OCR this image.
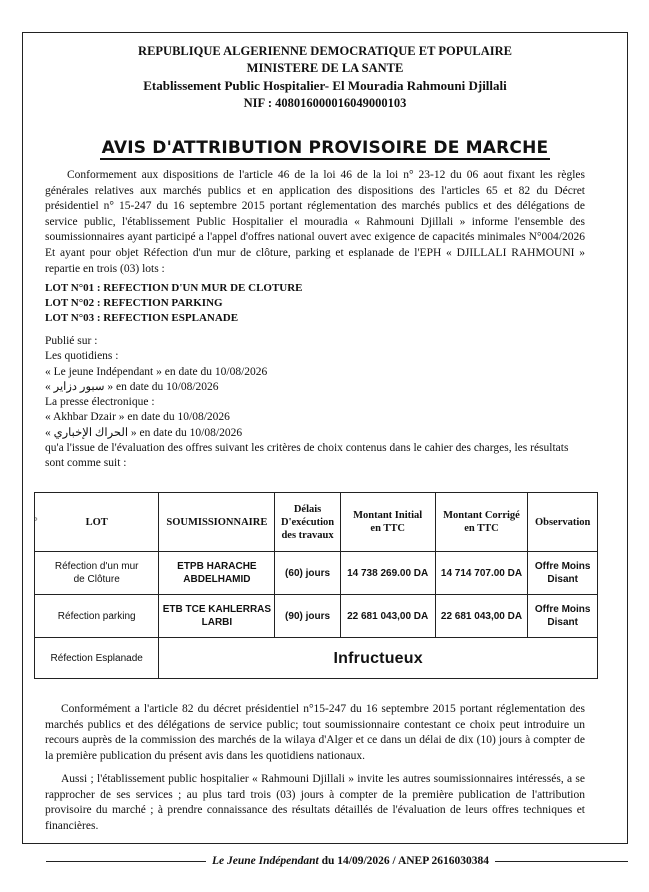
REPUBLIQUE ALGERIENNE DEMOCRATIQUE ET POPULAIRE
MINISTERE DE LA SANTE
Etablissement Public Hospitalier- El Mouradia Rahmouni Djillali
NIF : 408016000016049000103
AVIS D'ATTRIBUTION PROVISOIRE DE MARCHE
Conformement aux dispositions de l'article 46 de la loi 46 de la loi n° 23-12 du 06 aout fixant les règles générales relatives aux marchés publics et en application des dispositions des l'articles 65 et 82 du Décret présidentiel n° 15-247 du 16 septembre 2015 portant réglementation des marchés publics et des délégations de service public, l'établissement Public Hospitalier el mouradia « Rahmouni Djillali » informe l'ensemble des soumissionnaires ayant participé a l'appel d'offres national ouvert avec exigence de capacités minimales N°004/2026 Et ayant pour objet Réfection d'un mur de clôture, parking et esplanade de l'EPH « DJILLALI RAHMOUNI » repartie en trois (03) lots :
LOT N°01 : REFECTION D'UN MUR DE CLOTURE
LOT N°02 : REFECTION PARKING
LOT N°03 : REFECTION ESPLANADE
Publié sur :
Les quotidiens :
« Le jeune Indépendant » en date du 10/08/2026
« سبور دزاير » en date du 10/08/2026
La presse électronique :
« Akhbar Dzair » en date du 10/08/2026
« الحراك الإخباري » en date du 10/08/2026
qu'a l'issue de l'évaluation des offres suivant les critères de choix contenus dans le cahier des charges, les résultats sont comme suit :
°	LOT	SOUMISSIONNAIRE	Délais
D'exécution
des travaux	Montant Initial
en TTC	Montant Corrigé
en TTC	Observation
Réfection d'un mur
de Clôture	ETPB HARACHE
ABDELHAMID	(60) jours	14 738 269.00 DA	14 714 707.00 DA	Offre Moins
Disant
Réfection parking	ETB TCE KAHLERRAS
LARBI	(90) jours	22 681 043,00 DA	22 681 043,00 DA	Offre Moins
Disant
Réfection Esplanade	Infructueux				
Conformément a l'article 82 du décret présidentiel n°15-247 du 16 septembre 2015 portant réglementation des marchés publics et des délégations de service public; tout soumissionnaire contestant ce choix peut introduire un recours auprès de la commission des marchés de la wilaya d'Alger et ce dans un délai de dix (10) jours à compter de la première publication du présent avis dans les quotidiens nationaux.
Aussi ; l'établissement public hospitalier « Rahmouni Djillali » invite les autres soumissionnaires intéressés, a se rapprocher de ses services ; au plus tard trois (03) jours à compter de la première publication de l'attribution provisoire du marché ; à prendre connaissance des résultats détaillés de l'évaluation de leurs offres techniques et financières.
Le Jeune Indépendant du 14/09/2026 / ANEP 2616030384
